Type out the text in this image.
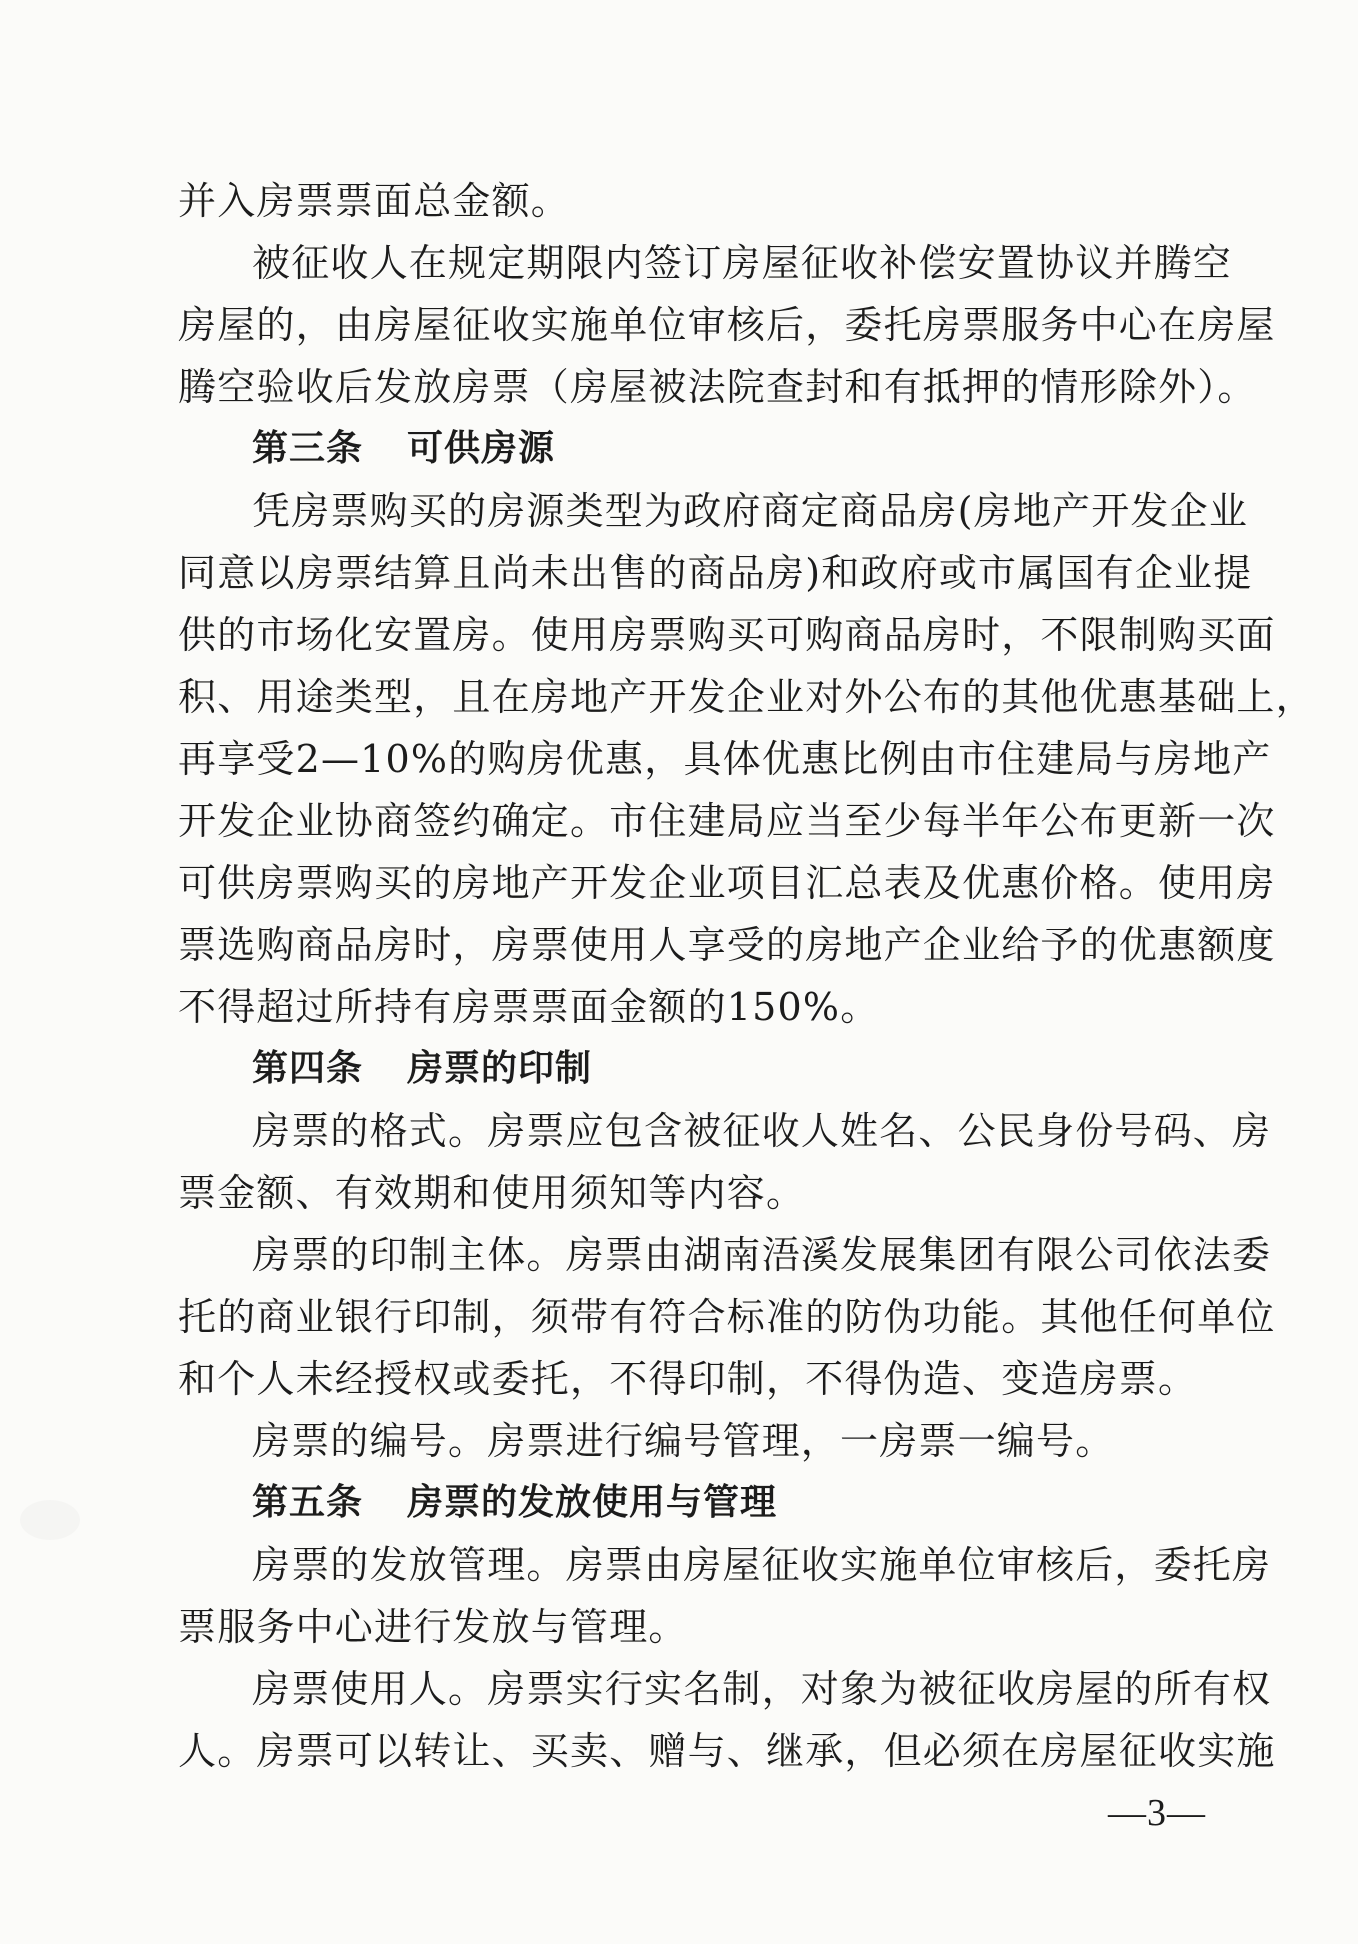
并入房票票面总金额。
被征收人在规定期限内签订房屋征收补偿安置协议并腾空
房屋的，由房屋征收实施单位审核后，委托房票服务中心在房屋
腾空验收后发放房票（房屋被法院查封和有抵押的情形除外）。
第三条 可供房源
凭房票购买的房源类型为政府商定商品房(房地产开发企业
同意以房票结算且尚未出售的商品房)和政府或市属国有企业提
供的市场化安置房。使用房票购买可购商品房时，不限制购买面
积、用途类型，且在房地产开发企业对外公布的其他优惠基础上，
再享受2—10%的购房优惠，具体优惠比例由市住建局与房地产
开发企业协商签约确定。市住建局应当至少每半年公布更新一次
可供房票购买的房地产开发企业项目汇总表及优惠价格。使用房
票选购商品房时，房票使用人享受的房地产企业给予的优惠额度
不得超过所持有房票票面金额的150%。
第四条 房票的印制
房票的格式。房票应包含被征收人姓名、公民身份号码、房
票金额、有效期和使用须知等内容。
房票的印制主体。房票由湖南浯溪发展集团有限公司依法委
托的商业银行印制，须带有符合标准的防伪功能。其他任何单位
和个人未经授权或委托，不得印制，不得伪造、变造房票。
房票的编号。房票进行编号管理，一房票一编号。
第五条 房票的发放使用与管理
房票的发放管理。房票由房屋征收实施单位审核后，委托房
票服务中心进行发放与管理。
房票使用人。房票实行实名制，对象为被征收房屋的所有权
人。房票可以转让、买卖、赠与、继承，但必须在房屋征收实施
—3—
